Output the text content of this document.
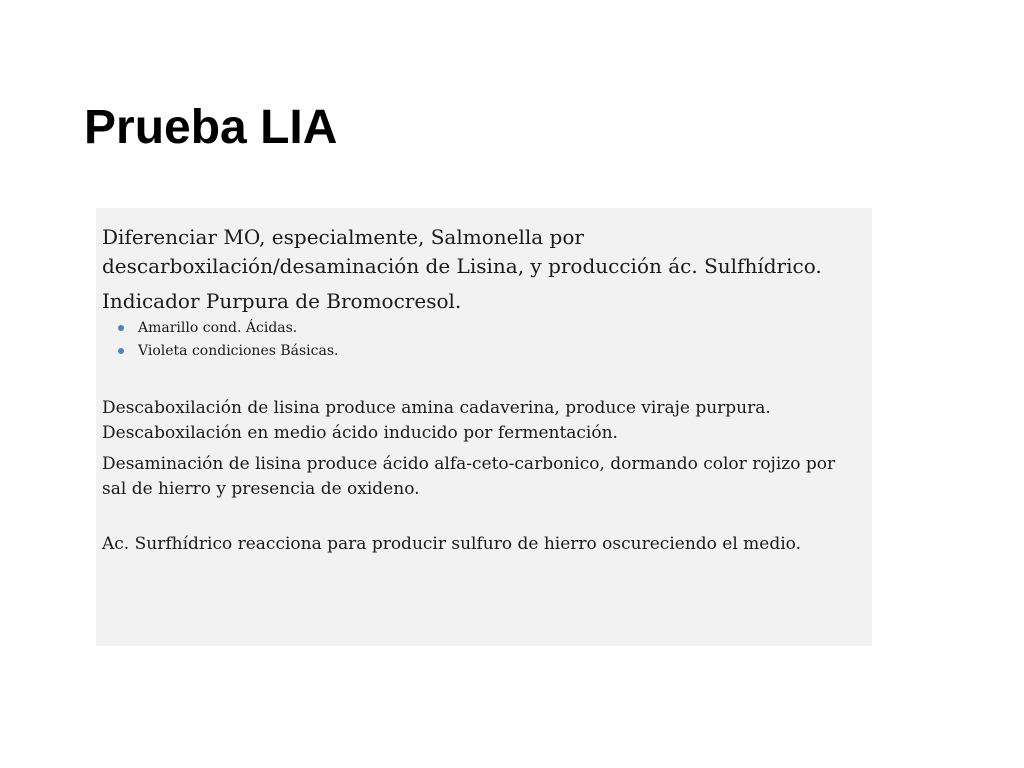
Prueba LIA

Diferenciar MO, especialmente, Salmonella por descarboxilación/desaminación de Lisina, y producción ác. Sulfhídrico.

Indicador Purpura de Bromocresol.

Amarillo cond. Ácidas.
Violeta condiciones Básicas.

Descaboxilación de lisina produce amina cadaverina, produce viraje purpura. Descaboxilación en medio ácido inducido por fermentación.

Desaminación de lisina produce ácido alfa-ceto-carbonico, dormando color rojizo por sal de hierro y presencia de oxideno.

Ac. Surfhídrico reacciona para producir sulfuro de hierro oscureciendo el medio.
